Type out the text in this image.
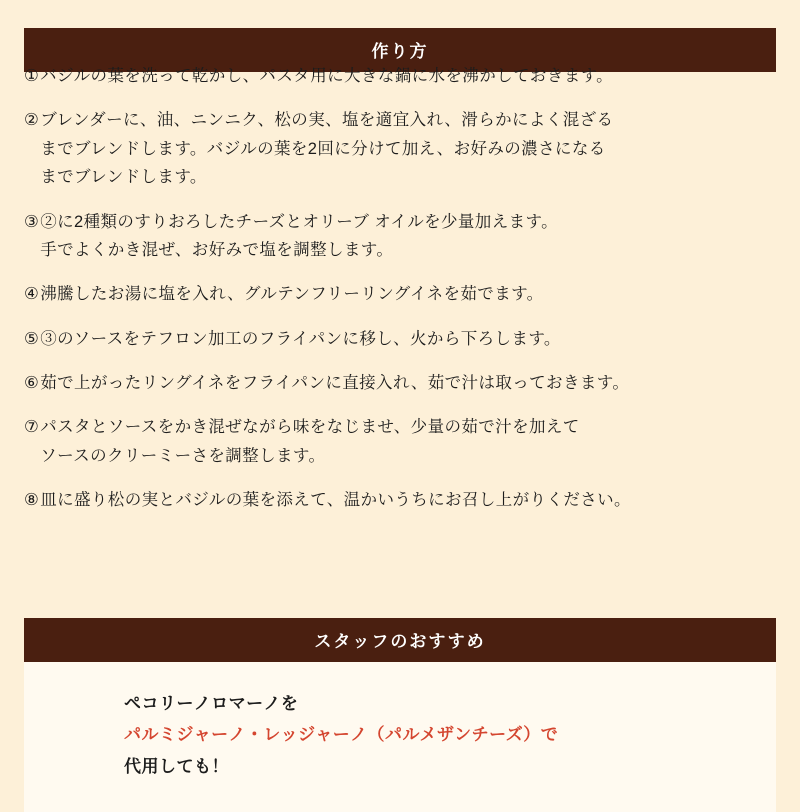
作り方
① バジルの葉を洗って乾かし、パスタ用に大きな鍋に水を沸かしておきます。
② ブレンダーに、油、ニンニク、松の実、塩を適宜入れ、滑らかによく混ざる
までブレンドします。バジルの葉を2回に分けて加え、お好みの濃さになる
までブレンドします。
③ ②に2種類のすりおろしたチーズとオリーブ オイルを少量加えます。
手でよくかき混ぜ、お好みで塩を調整します。
④ 沸騰したお湯に塩を入れ、グルテンフリーリングイネを茹でます。
⑤ ③のソースをテフロン加工のフライパンに移し、火から下ろします。
⑥ 茹で上がったリングイネをフライパンに直接入れ、茹で汁は取っておきます。
⑦ パスタとソースをかき混ぜながら味をなじませ、少量の茹で汁を加えて
ソースのクリーミーさを調整します。
⑧ 皿に盛り松の実とバジルの葉を添えて、温かいうちにお召し上がりください。
スタッフのおすすめ
ペコリーノロマーノを
パルミジャーノ・レッジャーノ（パルメザンチーズ）で
代用しても！
